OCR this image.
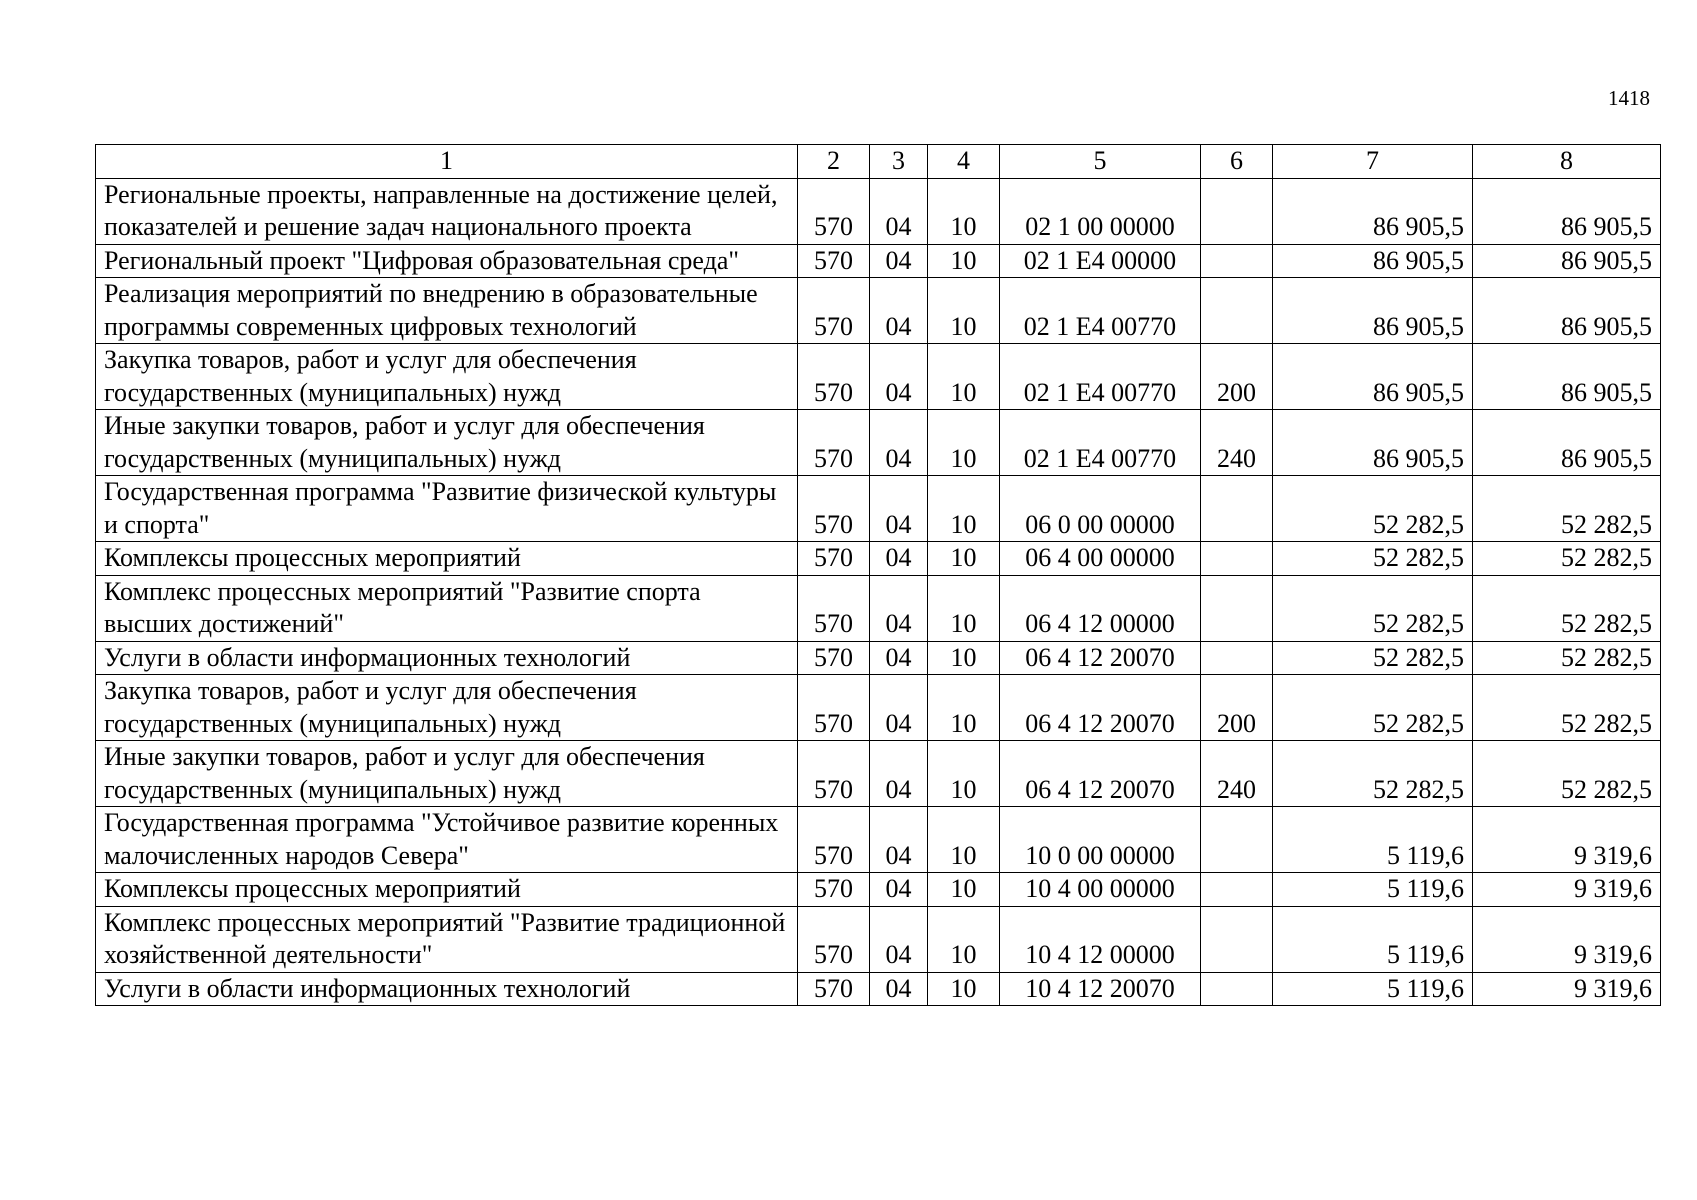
1418
1	2	3	4	5	6	7	8
Региональные проекты, направленные на достижение целей, показателей и решение задач национального проекта	570	04	10	02 1 00 00000		86 905,5	86 905,5
Региональный проект "Цифровая образовательная среда"	570	04	10	02 1 Е4 00000		86 905,5	86 905,5
Реализация мероприятий по внедрению в образовательные программы современных цифровых технологий	570	04	10	02 1 Е4 00770		86 905,5	86 905,5
Закупка товаров, работ и услуг для обеспечения государственных (муниципальных) нужд	570	04	10	02 1 Е4 00770	200	86 905,5	86 905,5
Иные закупки товаров, работ и услуг для обеспечения государственных (муниципальных) нужд	570	04	10	02 1 Е4 00770	240	86 905,5	86 905,5
Государственная программа "Развитие физической культуры и спорта"	570	04	10	06 0 00 00000		52 282,5	52 282,5
Комплексы процессных мероприятий	570	04	10	06 4 00 00000		52 282,5	52 282,5
Комплекс процессных мероприятий "Развитие спорта высших достижений"	570	04	10	06 4 12 00000		52 282,5	52 282,5
Услуги в области информационных технологий	570	04	10	06 4 12 20070		52 282,5	52 282,5
Закупка товаров, работ и услуг для обеспечения государственных (муниципальных) нужд	570	04	10	06 4 12 20070	200	52 282,5	52 282,5
Иные закупки товаров, работ и услуг для обеспечения государственных (муниципальных) нужд	570	04	10	06 4 12 20070	240	52 282,5	52 282,5
Государственная программа "Устойчивое развитие коренных малочисленных народов Севера"	570	04	10	10 0 00 00000		5 119,6	9 319,6
Комплексы процессных мероприятий	570	04	10	10 4 00 00000		5 119,6	9 319,6
Комплекс процессных мероприятий "Развитие традиционной хозяйственной деятельности"	570	04	10	10 4 12 00000		5 119,6	9 319,6
Услуги в области информационных технологий	570	04	10	10 4 12 20070		5 119,6	9 319,6
